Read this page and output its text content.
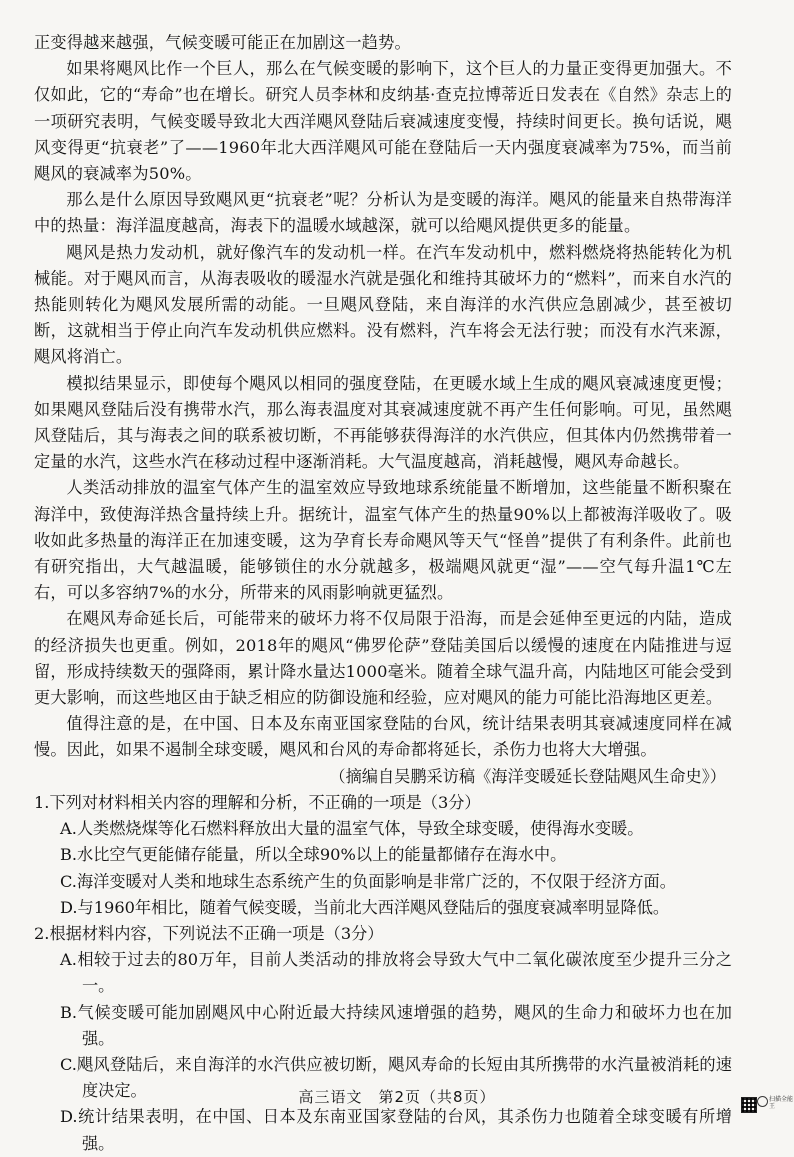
正变得越来越强，气候变暖可能正在加剧这一趋势。

如果将飓风比作一个巨人，那么在气候变暖的影响下，这个巨人的力量正变得更加强大。不仅如此，它的“寿命”也在增长。研究人员李林和皮纳基·查克拉博蒂近日发表在《自然》杂志上的一项研究表明，气候变暖导致北大西洋飓风登陆后衰减速度变慢，持续时间更长。换句话说，飓风变得更“抗衰老”了——1960年北大西洋飓风可能在登陆后一天内强度衰减率为75%，而当前飓风的衰减率为50%。

那么是什么原因导致飓风更“抗衰老”呢？分析认为是变暖的海洋。飓风的能量来自热带海洋中的热量：海洋温度越高，海表下的温暖水域越深，就可以给飓风提供更多的能量。

飓风是热力发动机，就好像汽车的发动机一样。在汽车发动机中，燃料燃烧将热能转化为机械能。对于飓风而言，从海表吸收的暖湿水汽就是强化和维持其破坏力的“燃料”，而来自水汽的热能则转化为飓风发展所需的动能。一旦飓风登陆，来自海洋的水汽供应急剧减少，甚至被切断，这就相当于停止向汽车发动机供应燃料。没有燃料，汽车将会无法行驶；而没有水汽来源，飓风将消亡。

模拟结果显示，即使每个飓风以相同的强度登陆，在更暖水域上生成的飓风衰减速度更慢；如果飓风登陆后没有携带水汽，那么海表温度对其衰减速度就不再产生任何影响。可见，虽然飓风登陆后，其与海表之间的联系被切断，不再能够获得海洋的水汽供应，但其体内仍然携带着一定量的水汽，这些水汽在移动过程中逐渐消耗。大气温度越高，消耗越慢，飓风寿命越长。

人类活动排放的温室气体产生的温室效应导致地球系统能量不断增加，这些能量不断积聚在海洋中，致使海洋热含量持续上升。据统计，温室气体产生的热量90%以上都被海洋吸收了。吸收如此多热量的海洋正在加速变暖，这为孕育长寿命飓风等天气“怪兽”提供了有利条件。此前也有研究指出，大气越温暖，能够锁住的水分就越多，极端飓风就更“湿”——空气每升温1℃左右，可以多容纳7%的水分，所带来的风雨影响就更猛烈。

在飓风寿命延长后，可能带来的破坏力将不仅局限于沿海，而是会延伸至更远的内陆，造成的经济损失也更重。例如，2018年的飓风“佛罗伦萨”登陆美国后以缓慢的速度在内陆推进与逗留，形成持续数天的强降雨，累计降水量达1000毫米。随着全球气温升高，内陆地区可能会受到更大影响，而这些地区由于缺乏相应的防御设施和经验，应对飓风的能力可能比沿海地区更差。

值得注意的是，在中国、日本及东南亚国家登陆的台风，统计结果表明其衰减速度同样在减慢。因此，如果不遏制全球变暖，飓风和台风的寿命都将延长，杀伤力也将大大增强。

（摘编自吴鹏采访稿《海洋变暖延长登陆飓风生命史》）

1.下列对材料相关内容的理解和分析，不正确的一项是（3分）

A.人类燃烧煤等化石燃料释放出大量的温室气体，导致全球变暖，使得海水变暖。

B.水比空气更能储存能量，所以全球90%以上的能量都储存在海水中。

C.海洋变暖对人类和地球生态系统产生的负面影响是非常广泛的，不仅限于经济方面。

D.与1960年相比，随着气候变暖，当前北大西洋飓风登陆后的强度衰减率明显降低。

2.根据材料内容，下列说法不正确一项是（3分）

A.相较于过去的80万年，目前人类活动的排放将会导致大气中二氧化碳浓度至少提升三分之一。

B.气候变暖可能加剧飓风中心附近最大持续风速增强的趋势，飓风的生命力和破坏力也在加强。

C.飓风登陆后，来自海洋的水汽供应被切断，飓风寿命的长短由其所携带的水汽量被消耗的速度决定。

D.统计结果表明，在中国、日本及东南亚国家登陆的台风，其杀伤力也随着全球变暖有所增强。

高三语文　第2页（共8页）	扫描全能王
